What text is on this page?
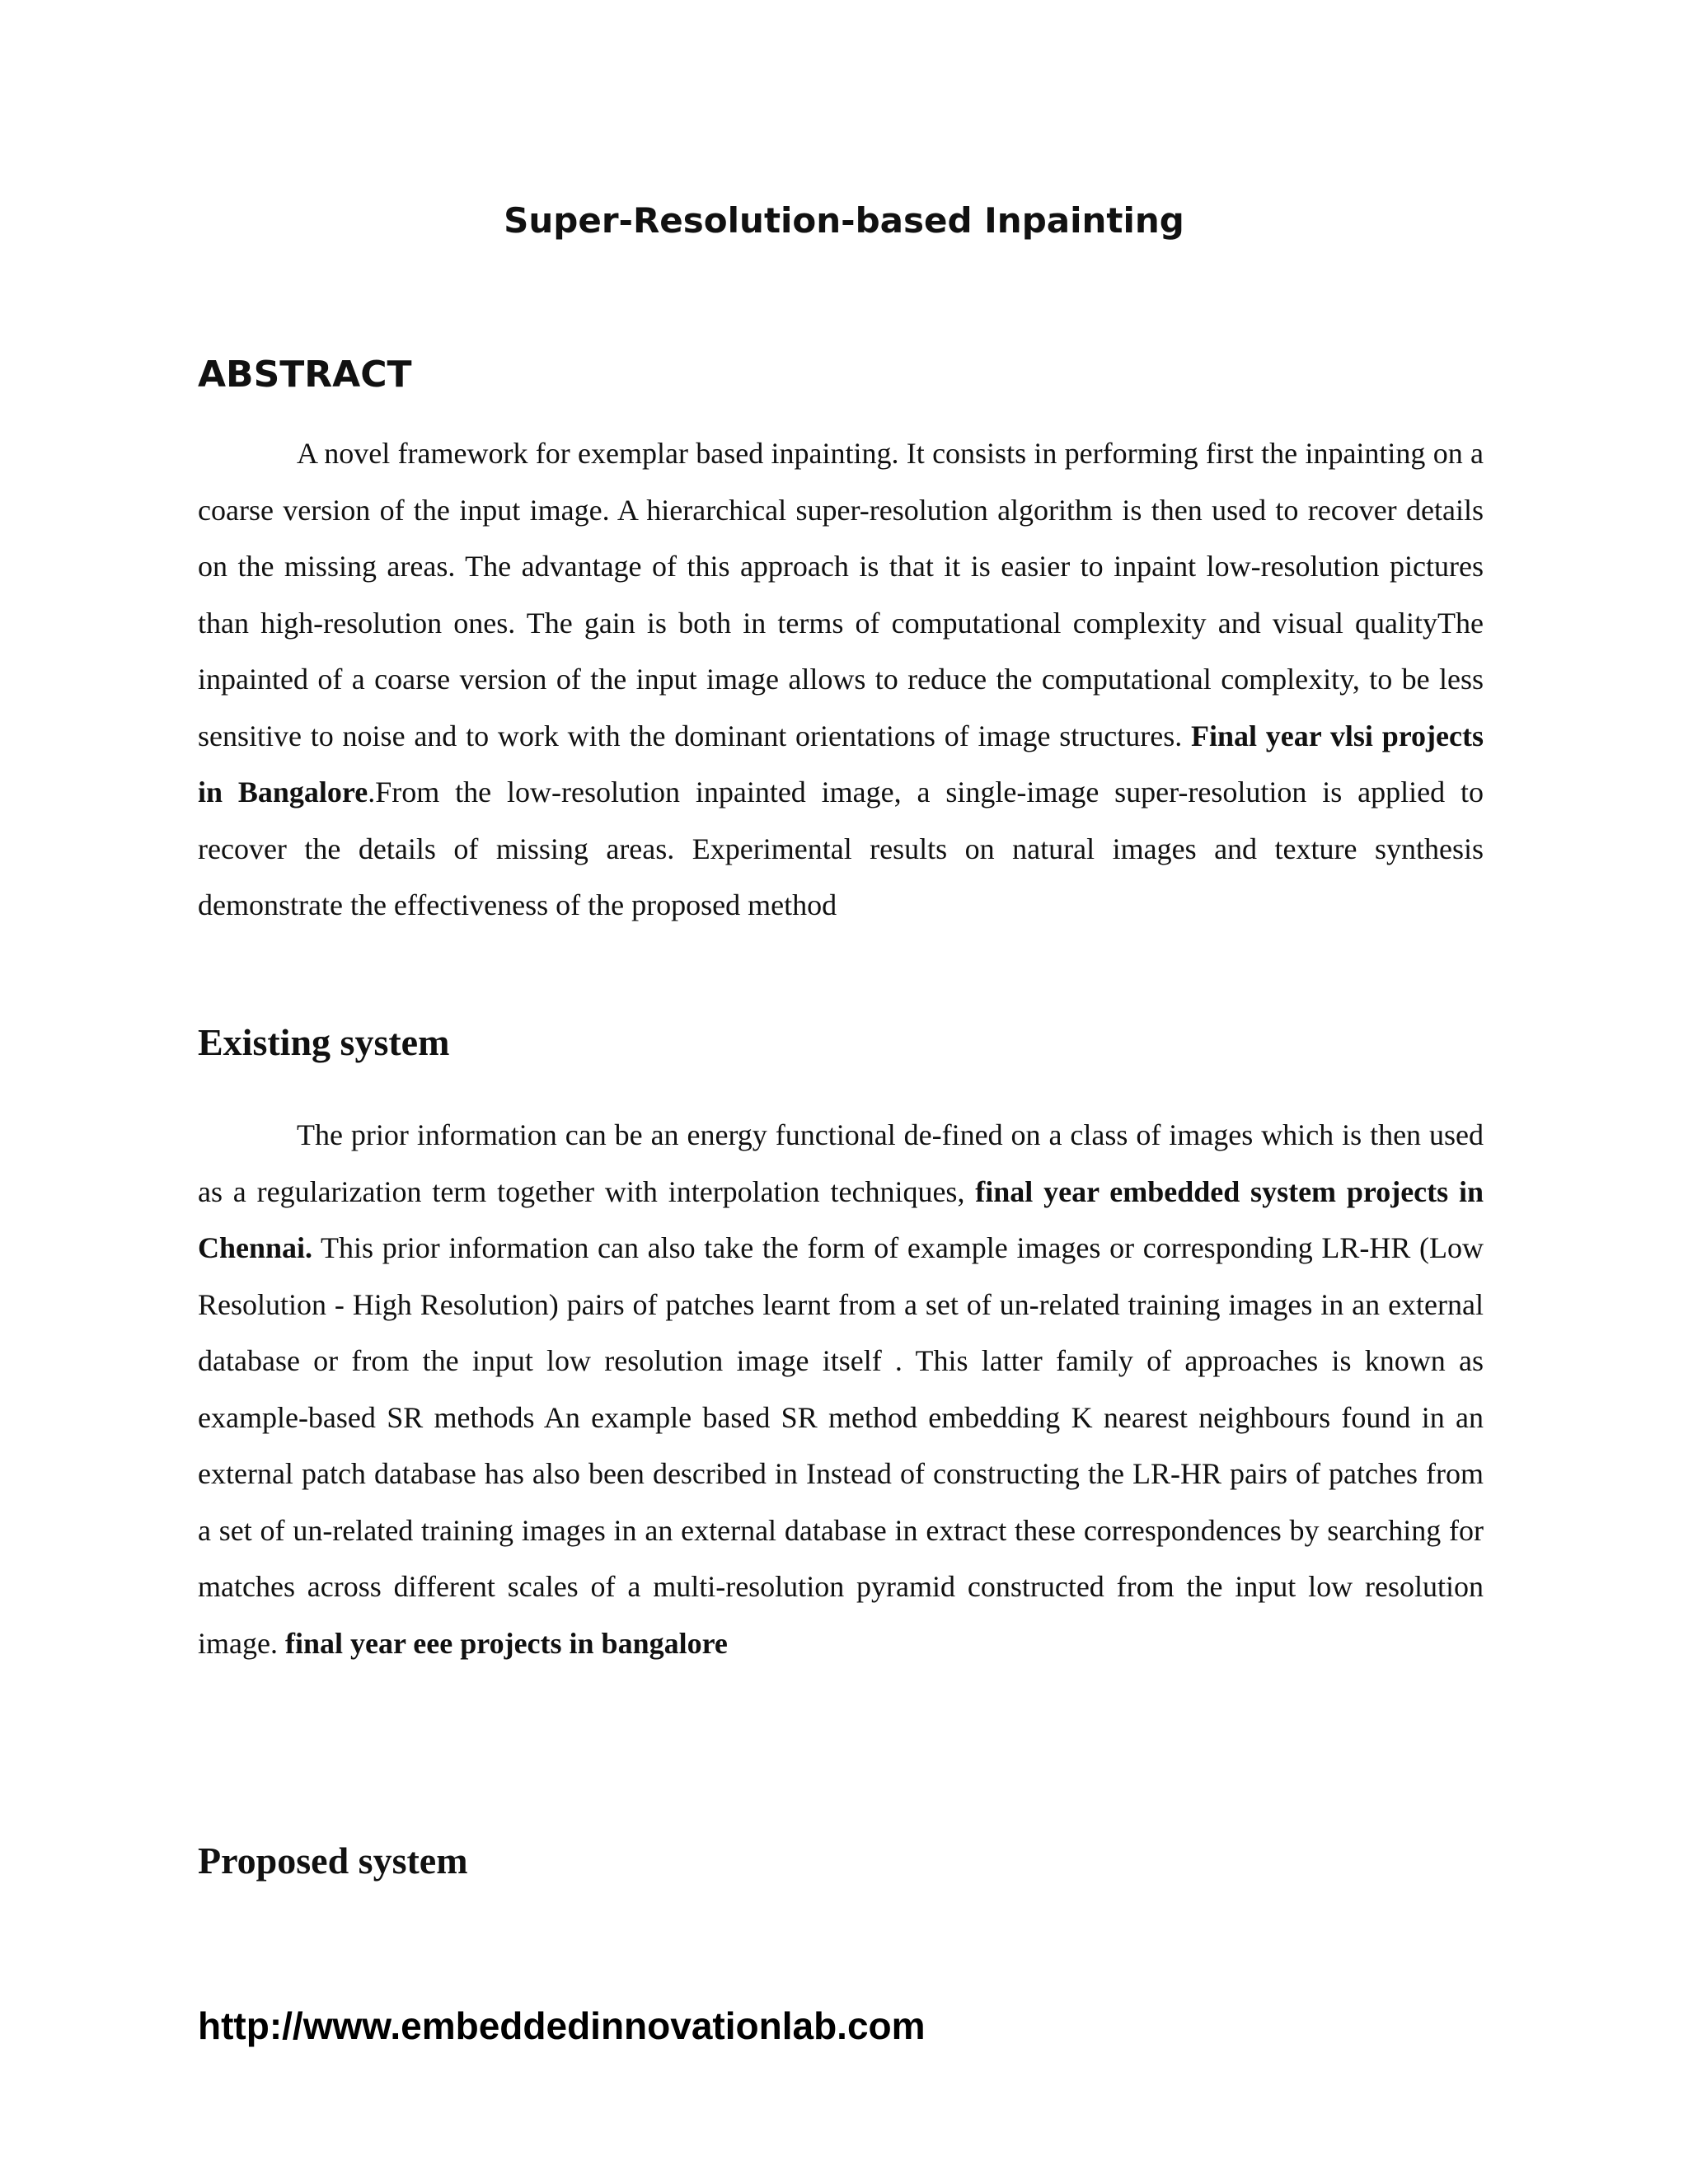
Super-Resolution-based Inpainting
ABSTRACT

A novel framework for exemplar based inpainting. It consists in performing first the inpainting on a coarse version of the input image. A hierarchical super-resolution algorithm is then used to recover details on the missing areas. The advantage of this approach is that it is easier to inpaint low-resolution pictures than high-resolution ones. The gain is both in terms of computational complexity and visual qualityThe inpainted of a coarse version of the input image allows to reduce the computational complexity, to be less sensitive to noise and to work with the dominant orientations of image structures. Final year vlsi projects in Bangalore.From the low-resolution inpainted image, a single-image super-resolution is applied to recover the details of missing areas. Experimental results on natural images and texture synthesis demonstrate the effectiveness of the proposed method

Existing system

The prior information can be an energy functional de-fined on a class of images which is then used as a regularization term together with interpolation techniques, final year embedded system projects in Chennai. This prior information can also take the form of example images or corresponding LR-HR (Low Resolution - High Resolution) pairs of patches learnt from a set of un-related training images in an external database or from the input low resolution image itself . This latter family of approaches is known as example-based SR methods An example based SR method embedding K nearest neighbours found in an external patch database has also been described in Instead of constructing the LR-HR pairs of patches from a set of un-related training images in an external database in extract these correspondences by searching for matches across different scales of a multi-resolution pyramid constructed from the input low resolution image. final year eee projects in bangalore

Proposed system
http://www.embeddedinnovationlab.com
